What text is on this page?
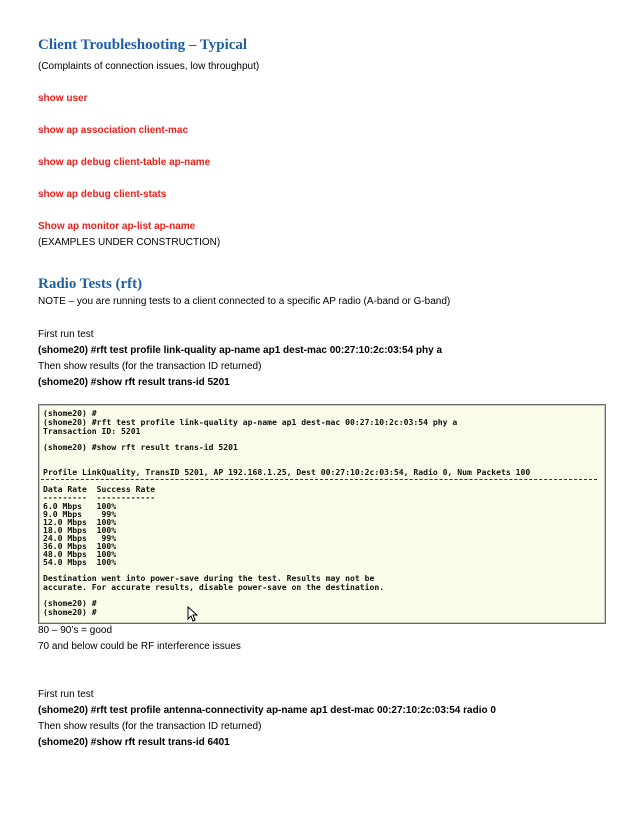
Client Troubleshooting – Typical

(Complaints of connection issues, low throughput)

show user

show ap association client-mac

show ap debug client-table ap-name

show ap debug client-stats

Show ap monitor ap-list ap-name

(EXAMPLES UNDER CONSTRUCTION)

Radio Tests (rft)

NOTE – you are running tests to a client connected to a specific AP radio (A-band or G-band)

First run test

(shome20) #rft test profile link-quality ap-name ap1 dest-mac 00:27:10:2c:03:54 phy a

Then show results (for the transaction ID returned)

(shome20) #show rft result trans-id 5201

(shome20) #
(shome20) #rft test profile link-quality ap-name ap1 dest-mac 00:27:10:2c:03:54 phy a
Transaction ID: 5201
(shome20) #show rft result trans-id 5201
Profile LinkQuality, TransID 5201, AP 192.168.1.25, Dest 00:27:10:2c:03:54, Radio 0, Num Packets 100
Data Rate  Success Rate
---------  ------------
6.0 Mbps   100%
9.0 Mbps    99%
12.0 Mbps  100%
18.0 Mbps  100%
24.0 Mbps   99%
36.0 Mbps  100%
48.0 Mbps  100%
54.0 Mbps  100%
Destination went into power-save during the test. Results may not be
accurate. For accurate results, disable power-save on the destination.
(shome20) #
(shome20) #

80 – 90’s = good

70 and below could be RF interference issues

First run test

(shome20) #rft test profile antenna-connectivity ap-name ap1 dest-mac 00:27:10:2c:03:54 radio 0

Then show results (for the transaction ID returned)

(shome20) #show rft result trans-id 6401
